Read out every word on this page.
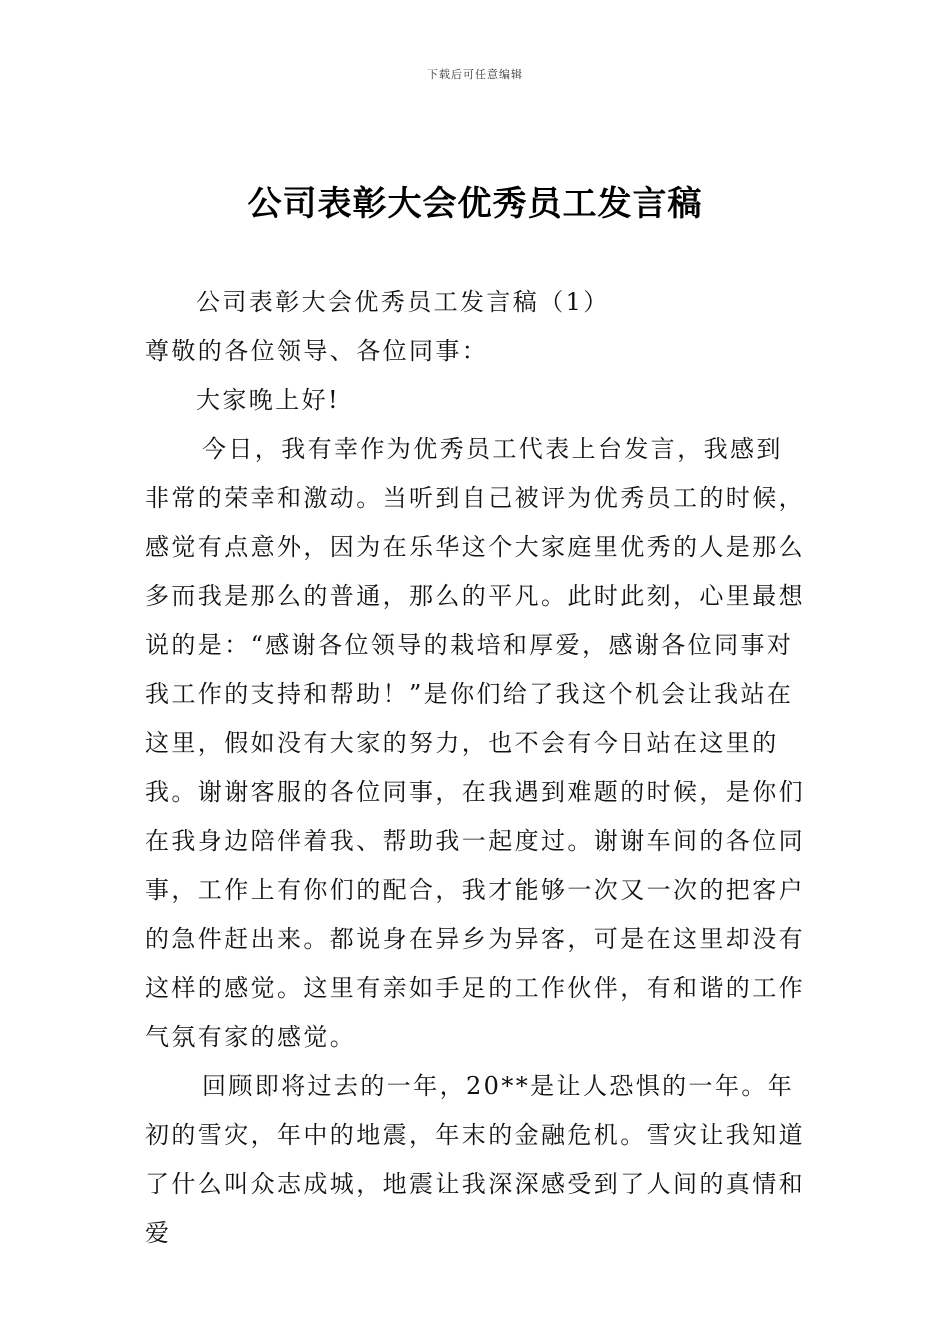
下载后可任意编辑
公司表彰大会优秀员工发言稿

公司表彰大会优秀员工发言稿（1）

尊敬的各位领导、各位同事：

大家晚上好!

今日，我有幸作为优秀员工代表上台发言，我感到非常的荣幸和激动。当听到自己被评为优秀员工的时候，感觉有点意外，因为在乐华这个大家庭里优秀的人是那么多而我是那么的普通，那么的平凡。此时此刻，心里最想说的是：“感谢各位领导的栽培和厚爱，感谢各位同事对我工作的支持和帮助！”是你们给了我这个机会让我站在这里，假如没有大家的努力，也不会有今日站在这里的我。谢谢客服的各位同事，在我遇到难题的时候，是你们在我身边陪伴着我、帮助我一起度过。谢谢车间的各位同事，工作上有你们的配合，我才能够一次又一次的把客户的急件赶出来。都说身在异乡为异客，可是在这里却没有这样的感觉。这里有亲如手足的工作伙伴，有和谐的工作气氛有家的感觉。

回顾即将过去的一年，20**是让人恐惧的一年。年初的雪灾，年中的地震，年末的金融危机。雪灾让我知道了什么叫众志成城，地震让我深深感受到了人间的真情和爱
